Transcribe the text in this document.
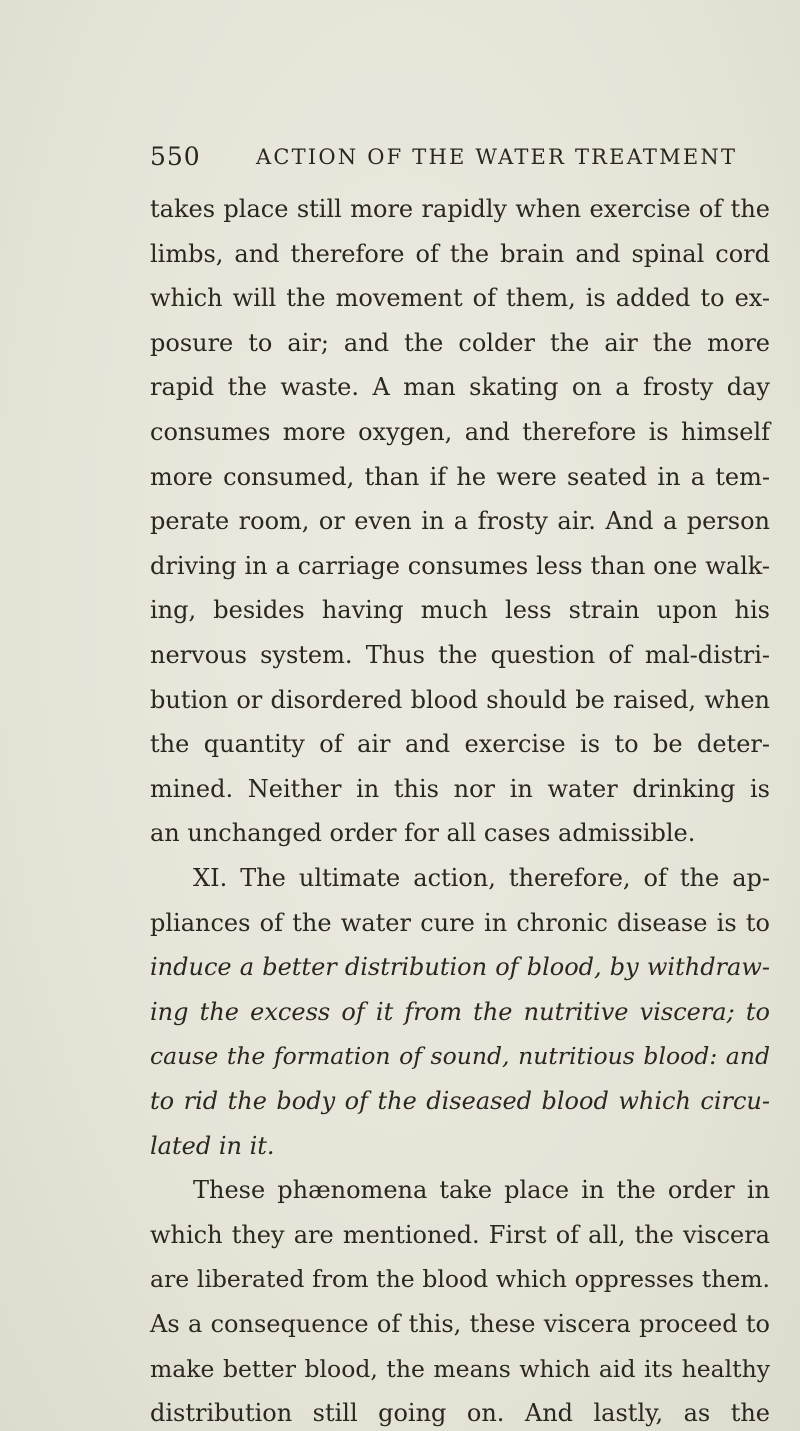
550	ACTION OF THE WATER TREATMENT
takes place still more rapidly when exercise of the
limbs, and therefore of the brain and spinal cord
which will the movement of them, is added to ex-
posure to air; and the colder the air the more
rapid the waste. A man skating on a frosty day
consumes more oxygen, and therefore is himself
more consumed, than if he were seated in a tem-
perate room, or even in a frosty air. And a person
driving in a carriage consumes less than one walk-
ing, besides having much less strain upon his
nervous system. Thus the question of mal-distri-
bution or disordered blood should be raised, when
the quantity of air and exercise is to be deter-
mined. Neither in this nor in water drinking is
an unchanged order for all cases admissible.
XI. The ultimate action, therefore, of the ap-
pliances of the water cure in chronic disease is to
induce a better distribution of blood, by withdraw-
ing the excess of it from the nutritive viscera; to
cause the formation of sound, nutritious blood: and
to rid the body of the diseased blood which circu-
lated in it.
These phænomena take place in the order in
which they are mentioned. First of all, the viscera
are liberated from the blood which oppresses them.
As a consequence of this, these viscera proceed to
make better blood, the means which aid its healthy
distribution still going on. And lastly, as the
